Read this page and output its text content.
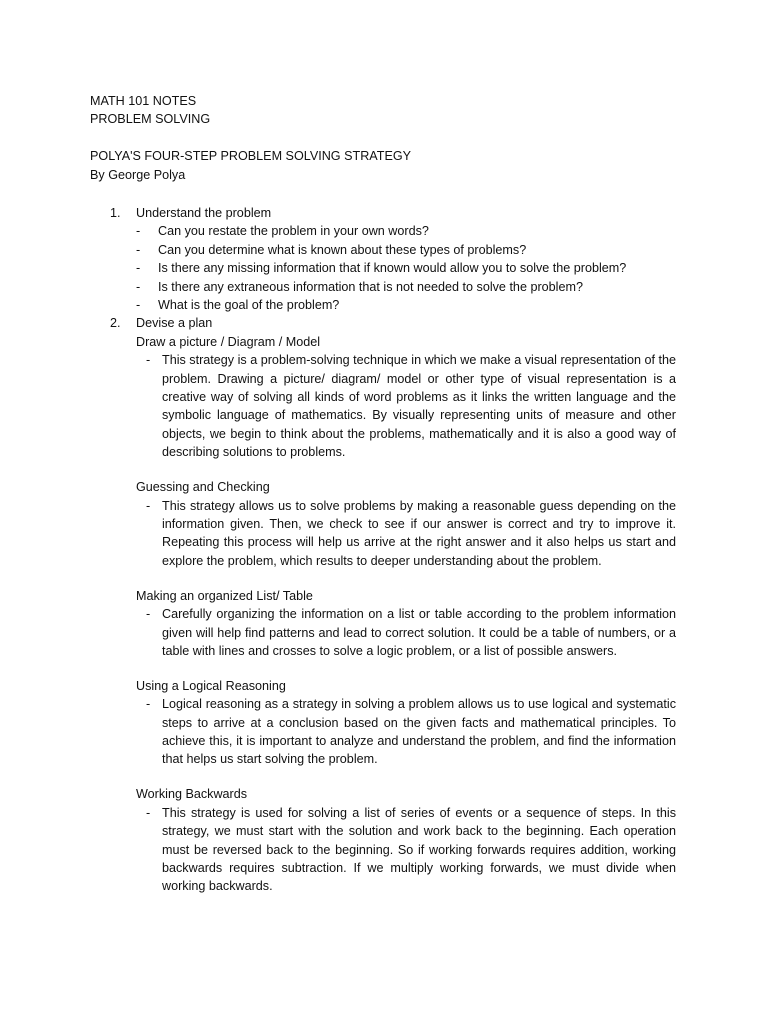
MATH 101 NOTES
PROBLEM SOLVING
POLYA'S FOUR-STEP PROBLEM SOLVING STRATEGY
By George Polya
1. Understand the problem
- Can you restate the problem in your own words?
- Can you determine what is known about these types of problems?
- Is there any missing information that if known would allow you to solve the problem?
- Is there any extraneous information that is not needed to solve the problem?
- What is the goal of the problem?
2. Devise a plan
Draw a picture / Diagram / Model
- This strategy is a problem-solving technique in which we make a visual representation of the problem. Drawing a picture/ diagram/ model or other type of visual representation is a creative way of solving all kinds of word problems as it links the written language and the symbolic language of mathematics. By visually representing units of measure and other objects, we begin to think about the problems, mathematically and it is also a good way of describing solutions to problems.
Guessing and Checking
- This strategy allows us to solve problems by making a reasonable guess depending on the information given. Then, we check to see if our answer is correct and try to improve it. Repeating this process will help us arrive at the right answer and it also helps us start and explore the problem, which results to deeper understanding about the problem.
Making an organized List/ Table
- Carefully organizing the information on a list or table according to the problem information given will help find patterns and lead to correct solution. It could be a table of numbers, or a table with lines and crosses to solve a logic problem, or a list of possible answers.
Using a Logical Reasoning
- Logical reasoning as a strategy in solving a problem allows us to use logical and systematic steps to arrive at a conclusion based on the given facts and mathematical principles. To achieve this, it is important to analyze and understand the problem, and find the information that helps us start solving the problem.
Working Backwards
- This strategy is used for solving a list of series of events or a sequence of steps. In this strategy, we must start with the solution and work back to the beginning. Each operation must be reversed back to the beginning. So if working forwards requires addition, working backwards requires subtraction. If we multiply working forwards, we must divide when working backwards.
